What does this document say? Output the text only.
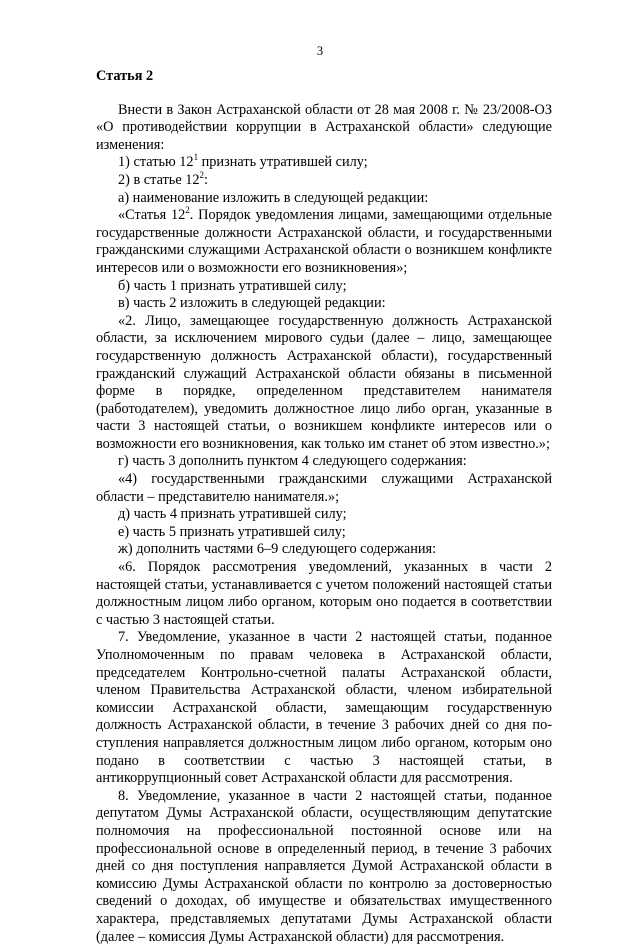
3
Статья 2
Внести в Закон Астраханской области от 28 мая 2008 г. № 23/2008-ОЗ «О противодействии коррупции в Астраханской области» следующие изменения:
1) статью $12^1$ признать утратившей силу;
2) в статье $12^2$:
а) наименование изложить в следующей редакции:
«Статья $12^2$. Порядок уведомления лицами, замещающими отдельные государственные должности Астраханской области, и государственными гражданскими служащими Астраханской области о возникшем конфликте интересов или о возможности его возникновения»;
б) часть 1 признать утратившей силу;
в) часть 2 изложить в следующей редакции:
«2. Лицо, замещающее государственную должность Астраханской области, за исключением мирового судьи (далее – лицо, замещающее государственную должность Астраханской области), государственный гражданский служащий Астраханской области обязаны в письменной форме в порядке, определенном представителем нанимателя (работодателем), уведомить должностное лицо либо орган, указанные в части 3 настоящей статьи, о возникшем конфликте интересов или о возможности его возникновения, как только им станет об этом известно.»;
г) часть 3 дополнить пунктом 4 следующего содержания:
«4) государственными гражданскими служащими Астраханской области – представителю нанимателя.»;
д) часть 4 признать утратившей силу;
е) часть 5 признать утратившей силу;
ж) дополнить частями 6–9 следующего содержания:
«6. Порядок рассмотрения уведомлений, указанных в части 2 настоящей статьи, устанавливается с учетом положений настоящей статьи должностным лицом либо органом, которым оно подается в соответствии с частью 3 настоящей статьи.
7. Уведомление, указанное в части 2 настоящей статьи, поданное Уполномоченным по правам человека в Астраханской области, председателем Контрольно-счетной палаты Астраханской области, членом Правительства Астраханской области, членом избирательной комиссии Астраханской области, замещающим государственную должность Астраханской области, в течение 3 рабочих дней со дня поступления направляется должностным лицом либо органом, которым оно подано в соответствии с частью 3 настоящей статьи, в антикоррупционный совет Астраханской области для рассмотрения.
8. Уведомление, указанное в части 2 настоящей статьи, поданное депутатом Думы Астраханской области, осуществляющим депутатские полномочия на профессиональной постоянной основе или на профессиональной основе в определенный период, в течение 3 рабочих дней со дня поступления направляется Думой Астраханской области в комиссию Думы Астраханской области по контролю за достоверностью сведений о доходах, об имуществе и обязательствах имущественного характера, представляемых депутатами Думы Астраханской области (далее – комиссия Думы Астраханской области) для рассмотрения.
